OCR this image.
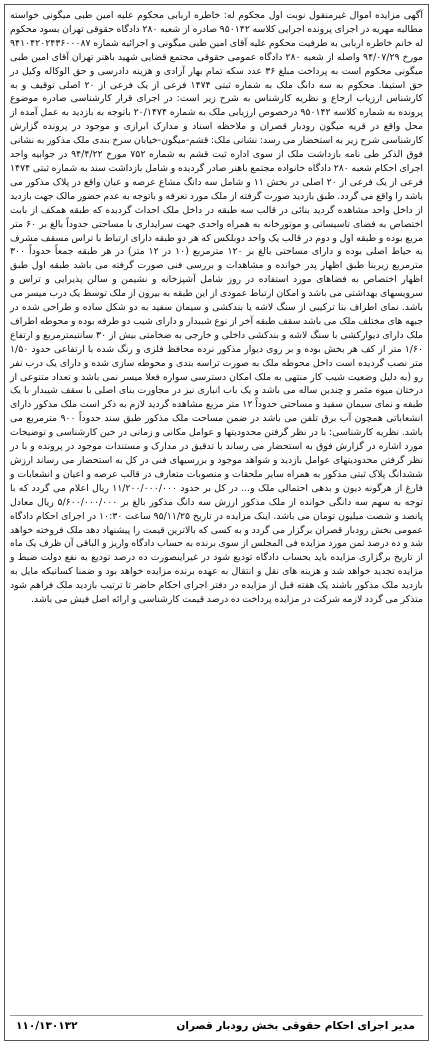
آگهی مزایده اموال غیرمنقول نوبت اول محکوم له: خاطره اربابی محکوم علیه امین طبی میگونی خواسته مطالبه مهریه در اجرای پرونده اجرایی کلاسه ۹۵۰۱۴۲ صادره از شعبه ۲۸۰ دادگاه حقوقی تهران بسود محکوم له خانم خاطره اربابی به طرفیت محکوم علیه آقای امین طبی میگونی و اجرائیه شماره ۹۴۱۰۴۲۰۲۴۳۶۰۰۰۸۷ مورخ ۹۴/۰۷/۲۹ واصله از شعبه ۲۸۰ دادگاه عمومی حقوقی مجتمع قضایی شهید باهنر تهران آقای امین طبی میگونی محکوم است به پرداخت مبلغ ۳۶ عدد سکه تمام بهار آزادی و هزینه دادرسی و حق الوکاله وکیل در حق استیفا. محکوم به سه دانگ ملک به شماره ثبتی ۱۴۷۴ فرعی از یک فرعی از ۲۰ اصلی توقیف و به کارشناس ارزیاب ارجاع و نظریه کارشناس به شرح زیر است: در اجرای قرار کارشناسی صادره موضوع پرونده به شماره کلاسه ۹۵۰۱۴۲ درخصوص ارزیابی ملک به شماره ۲۰/۱۴۷۴ باتوجه به بازدید به عمل آمده از محل واقع در قریه میگون رودبار قصران و ملاحظه اسناد و مدارک ابرازی و موجود در پرونده گزارش کارشناسی شرح زیر به استحضار می رسد: نشانی ملک: قشم-میگون-خیابان سرخ بندی ملک مذکور به نشانی فوق الذکر طی نامه بازداشت ملک از سوی اداره ثبت قشم به شماره ۷۵۲ مورخ ۹۴/۴/۲۲ در جوابیه واحد اجرای احکام شعبه ۲۸۰ دادگاه خانواده مجتمع باهنر صادر گردیده و شامل بازداشت سند به شماره ثبتی ۱۴۷۴ فرعی از یک فرعی از ۲۰ اصلی در بخش ۱۱ و شامل سه دانگ مشاع عرصه و عیان واقع در پلاک مذکور می باشد را واقع می گردد. طبق بازدید صورت گرفته از ملک مورد تعرفه و باتوجه به عدم حضور مالک جهت بازدید از داخل واحد مشاهده گردید بنائی در قالب سه طبقه در داخل ملک احداث گردیده که طبقه همکف از بابت اختصاص به فضای تاسیساتی و موتورخانه به همراه واحدی جهت سرایداری با مساحتی حدوداً بالغ بر ۶۰ متر مربع بوده و طبقه اول و دوم در قالب یک واحد دوبلکس که هر دو طبقه دارای ارتباط با تراس مسقف مشرف به حیاط اصلی بوده و دارای مساحتی بالغ بر ۱۲۰ مترمربع (۱۰ در ۱۲ متر) در هر طبقه جمعاً حدوداً ۳۰۰ مترمربع زیربنا طبق اظهار پدر خوانده و مشاهدات و بررسی فنی صورت گرفته می باشد طبقه اول طبق اظهار اختصاص به فضاهای مورد استفاده در روز شامل آشپزخانه و نشیمن و سالن پذیرایی و تراس و سرویسهای بهداشتی می باشد و امکان ارتباط عمودی از این طبقه به بیرون از ملک توسط یک درب میسر می باشد. نمای اطراف بنا ترکیبی از سنگ لاشه یا بندکشی و سیمان سفید به دو شکل ساده و طراحی شده در جبهه های مختلف ملک می باشد سقف طبقه آخر از نوع شیبدار و دارای شیب دو طرفه بوده و محوطه اطراف ملک دارای دیوارکشی با سنگ لاشه و بندکشی داخلی و خارجی به ضخامتی بیش از ۳۰ سانتیمترمربع و ارتفاع ۱/۶۰ متر از کف هر بخش بوده و بر روی دیوار مذکور نرده محافظ فلزی و رنگ شده با ارتفاعی حدود ۱/۵۰ متر نصب گردیده است داخل محوطه ملک به صورت تراسه بندی و محوطه سازی شده و دارای یک درب نفر رو (به دلیل وضعیت شیب کار منتهی به ملک امکان دسترسی سواره فعلا میسر نمی باشد و تعداد متنوعی از درختان میوه مثمر و چندین ساله می باشد و یک باب انباری نیز در مجاورت بنای اصلی با سقف شیبدار با یک طبقه و نمای سیمان سفید و مساحتی حدوداً ۱۲ متر مربع مشاهده گردید لازم به ذکر است ملک مذکور دارای انشعاباتی همچون آب برق تلفن می باشد در ضمن مساحت ملک مذکور طبق سند حدوداً ۹۰۰ مترمربع می باشد. نظریه کارشناسی: با در نظر گرفتن محدودیتها و عوامل مکانی و زمانی در حین کارشناسی و توضیحات مورد اشاره در گزارش فوق به استحضار می رساند با تدقیق در مدارک و مستندات موجود در پرونده و با در نظر گرفتن محدودیتهای عوامل بازدید و شواهد موجود و بررسیهای فنی در کل به استحضار می رساند ارزش ششدانگ پلاک ثبتی مذکور به همراه سایر ملحقات و منصوبات متعارف در قالب عرصه و اعیان و انشعابات و فارغ از هرگونه دیون و بدهی احتمالی ملک و... در کل بر حدود ۱۱/۲۰۰/۰۰۰/۰۰۰ ریال اعلام می گردد که با توجه به سهم سه دانگی خوانده از ملک مذکور ارزش سه دانگ مذکور بالغ بر ۵/۶۰۰/۰۰۰/۰۰۰ ریال معادل پانصد و شصت میلیون تومان می باشد. اینک مزایده در تاریخ ۹۵/۱۱/۲۵ ساعت ۱۰:۳۰ در اجرای احکام دادگاه عمومی بخش رودبار قصران برگزار می گردد و به کسی که بالاترین قیمت را پیشنهاد دهد ملک فروخته خواهد شد و ده درصد ثمن مورد مزایده فی المجلس از سوی برنده به حساب دادگاه واریز و الباقی آن ظرف یک ماه از تاریخ برگزاری مزایده باید بحساب دادگاه تودیع شود در غیراینصورت ده درصد تودیع به نفع دولت ضبط و مزایده تجدید خواهد شد و هزینه های نقل و انتقال به عهده برنده مزایده خواهد بود و ضمنا کسانیکه مایل به بازدید ملک مذکور باشند یک هفته قبل از مزایده در دفتر اجرای احکام حاضر تا ترتیب بازدید ملک فراهم شود متذکر می گردد لازمه شرکت در مزایده پرداخت ده درصد قیمت کارشناسی و ارائه اصل فیش می باشد.

مدیر اجرای احکام حقوقی بخش رودبار قصران
۱۱۰/۱۳۰۱۳۲
